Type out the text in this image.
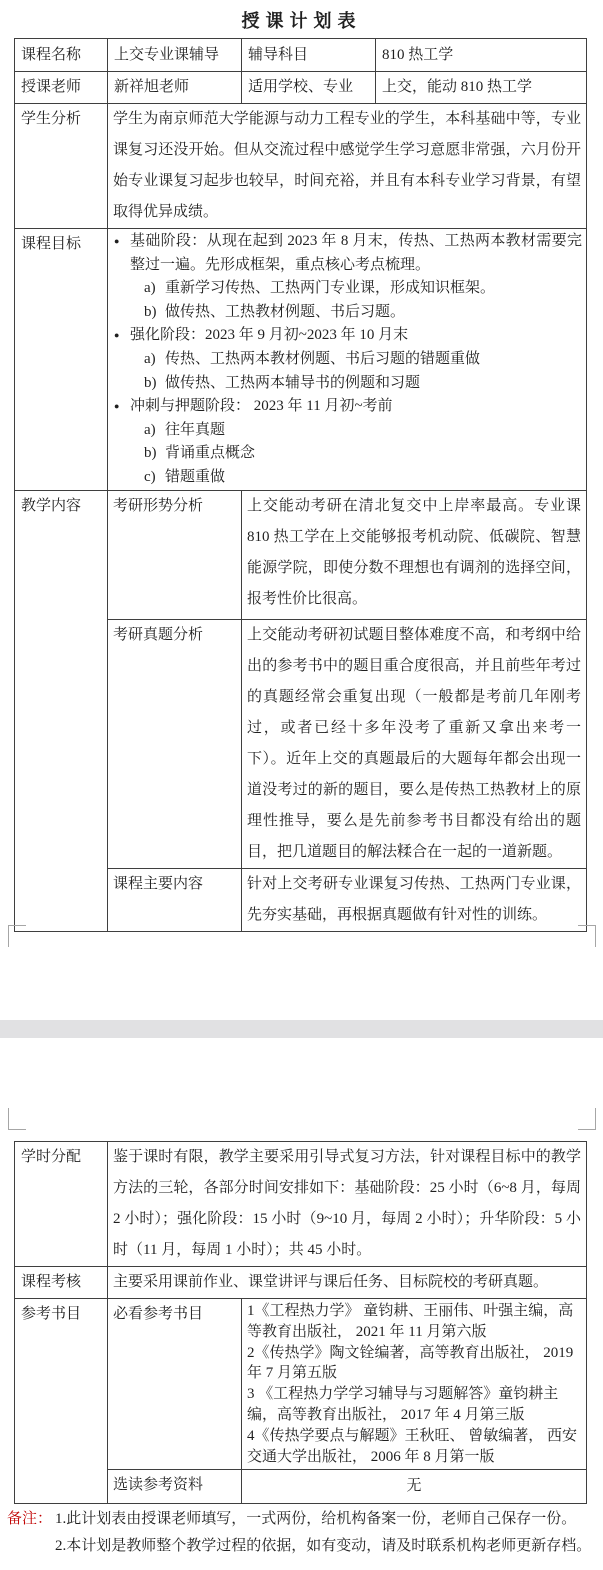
授课计划表
课程名称	上交专业课辅导	辅导科目	810 热工学
授课老师	新祥旭老师	适用学校、专业	上交，能动 810 热工学
学生分析	学生为南京师范大学能源与动力工程专业的学生，本科基础中等，专业课复习还没开始。但从交流过程中感觉学生学习意愿非常强，六月份开始专业课复习起步也较早，时间充裕，并且有本科专业学习背景，有望取得优异成绩。		
课程目标	● 基础阶段：从现在起到 2023 年 8 月末，传热、工热两本教材需要完整过一遍。先形成框架，重点核心考点梳理。
a) 重新学习传热、工热两门专业课，形成知识框架。
b) 做传热、工热教材例题、书后习题。
● 强化阶段：2023 年 9 月初~2023 年 10 月末
a) 传热、工热两本教材例题、书后习题的错题重做
b) 做传热、工热两本辅导书的例题和习题
● 冲刺与押题阶段： 2023 年 11 月初~考前
a) 往年真题
b) 背诵重点概念
c) 错题重做

教学内容	考研形势分析	上交能动考研在清北复交中上岸率最高。专业课 810 热工学在上交能够报考机动院、低碳院、智慧能源学院，即使分数不理想也有调剂的选择空间，报考性价比很高。	
	考研真题分析	上交能动考研初试题目整体难度不高，和考纲中给出的参考书中的题目重合度很高，并且前些年考过的真题经常会重复出现（一般都是考前几年刚考过，或者已经十多年没考了重新又拿出来考一下）。近年上交的真题最后的大题每年都会出现一道没考过的新的题目，要么是传热工热教材上的原理性推导，要么是先前参考书目都没有给出的题目，把几道题目的解法糅合在一起的一道新题。	
	课程主要内容	针对上交考研专业课复习传热、工热两门专业课，先夯实基础，再根据真题做有针对性的训练。	
学时分配	鉴于课时有限，教学主要采用引导式复习方法，针对课程目标中的教学方法的三轮，各部分时间安排如下：基础阶段：25 小时（6~8 月，每周 2 小时）；强化阶段：15 小时（9~10 月，每周 2 小时）；升华阶段：5 小时（11 月，每周 1 小时）；共 45 小时。	
课程考核	主要采用课前作业、课堂讲评与课后任务、目标院校的考研真题。	
参考书目	必看参考书目	1《工程热力学》 童钧耕、王丽伟、叶强主编，高等教育出版社， 2021 年 11 月第六版
2《传热学》陶文铨编著，高等教育出版社， 2019 年 7 月第五版
3 《工程热力学学习辅导与习题解答》童钧耕主编，高等教育出版社， 2017 年 4 月第三版
4《传热学要点与解题》王秋旺、 曾敏编著， 西安交通大学出版社， 2006 年 8 月第一版

	选读参考资料	无
备注： 1.此计划表由授课老师填写，一式两份，给机构备案一份，老师自己保存一份。
2.本计划是教师整个教学过程的依据，如有变动，请及时联系机构老师更新存档。
